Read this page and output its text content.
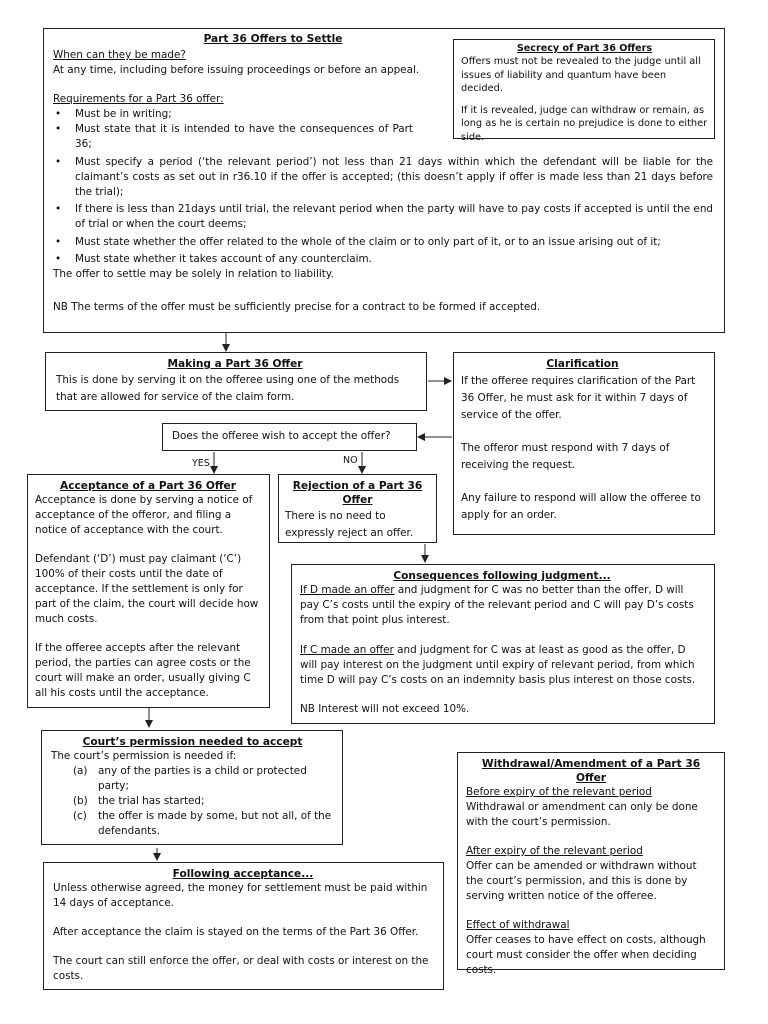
YES	NO

Part 36 Offers to Settle

When can they be made?

At any time, including before issuing proceedings or before an appeal.

Requirements for a Part 36 offer:

• Must be in writing;
• Must state that it is intended to have the consequences of Part 36;
• Must specify a period (‘the relevant period’) not less than 21 days within which the defendant will be liable for the claimant’s costs as set out in r36.10 if the offer is accepted; (this doesn’t apply if offer is made less than 21 days before the trial);
• If there is less than 21days until trial, the relevant period when the party will have to pay costs if accepted is until the end of trial or when the court deems;
• Must state whether the offer related to the whole of the claim or to only part of it, or to an issue arising out of it;
• Must state whether it takes account of any counterclaim.

The offer to settle may be solely in relation to liability.

NB The terms of the offer must be sufficiently precise for a contract to be formed if accepted.

Secrecy of Part 36 Offers

Offers must not be revealed to the judge until all issues of liability and quantum have been decided.

If it is revealed, judge can withdraw or remain, as long as he is certain no prejudice is done to either side.

Making a Part 36 Offer

This is done by serving it on the offeree using one of the methods that are allowed for service of the claim form.

Clarification

If the offeree requires clarification of the Part 36 Offer, he must ask for it within 7 days of service of the offer.

The offeror must respond with 7 days of receiving the request.

Any failure to respond will allow the offeree to apply for an order.

Does the offeree wish to accept the offer?

Acceptance of a Part 36 Offer

Acceptance is done by serving a notice of acceptance of the offeror, and filing a notice of acceptance with the court.

Defendant (‘D’) must pay claimant (‘C’) 100% of their costs until the date of acceptance. If the settlement is only for part of the claim, the court will decide how much costs.

If the offeree accepts after the relevant period, the parties can agree costs or the court will make an order, usually giving C all his costs until the acceptance.

Rejection of a Part 36 Offer

There is no need to expressly reject an offer.

Consequences following judgment...

If D made an offer and judgment for C was no better than the offer, D will pay C’s costs until the expiry of the relevant period and C will pay D’s costs from that point plus interest.

If C made an offer and judgment for C was at least as good as the offer, D will pay interest on the judgment until expiry of relevant period, from which time D will pay C’s costs on an indemnity basis plus interest on those costs.

NB Interest will not exceed 10%.

Court’s permission needed to accept

The court’s permission is needed if:

(a) any of the parties is a child or protected party;
(b) the trial has started;
(c) the offer is made by some, but not all, of the defendants.

Following acceptance...

Unless otherwise agreed, the money for settlement must be paid within 14 days of acceptance.

After acceptance the claim is stayed on the terms of the Part 36 Offer.

The court can still enforce the offer, or deal with costs or interest on the costs.

Withdrawal/Amendment of a Part 36 Offer

Before expiry of the relevant period

Withdrawal or amendment can only be done with the court’s permission.

After expiry of the relevant period

Offer can be amended or withdrawn without the court’s permission, and this is done by serving written notice of the offeree.

Effect of withdrawal

Offer ceases to have effect on costs, although court must consider the offer when deciding costs.
